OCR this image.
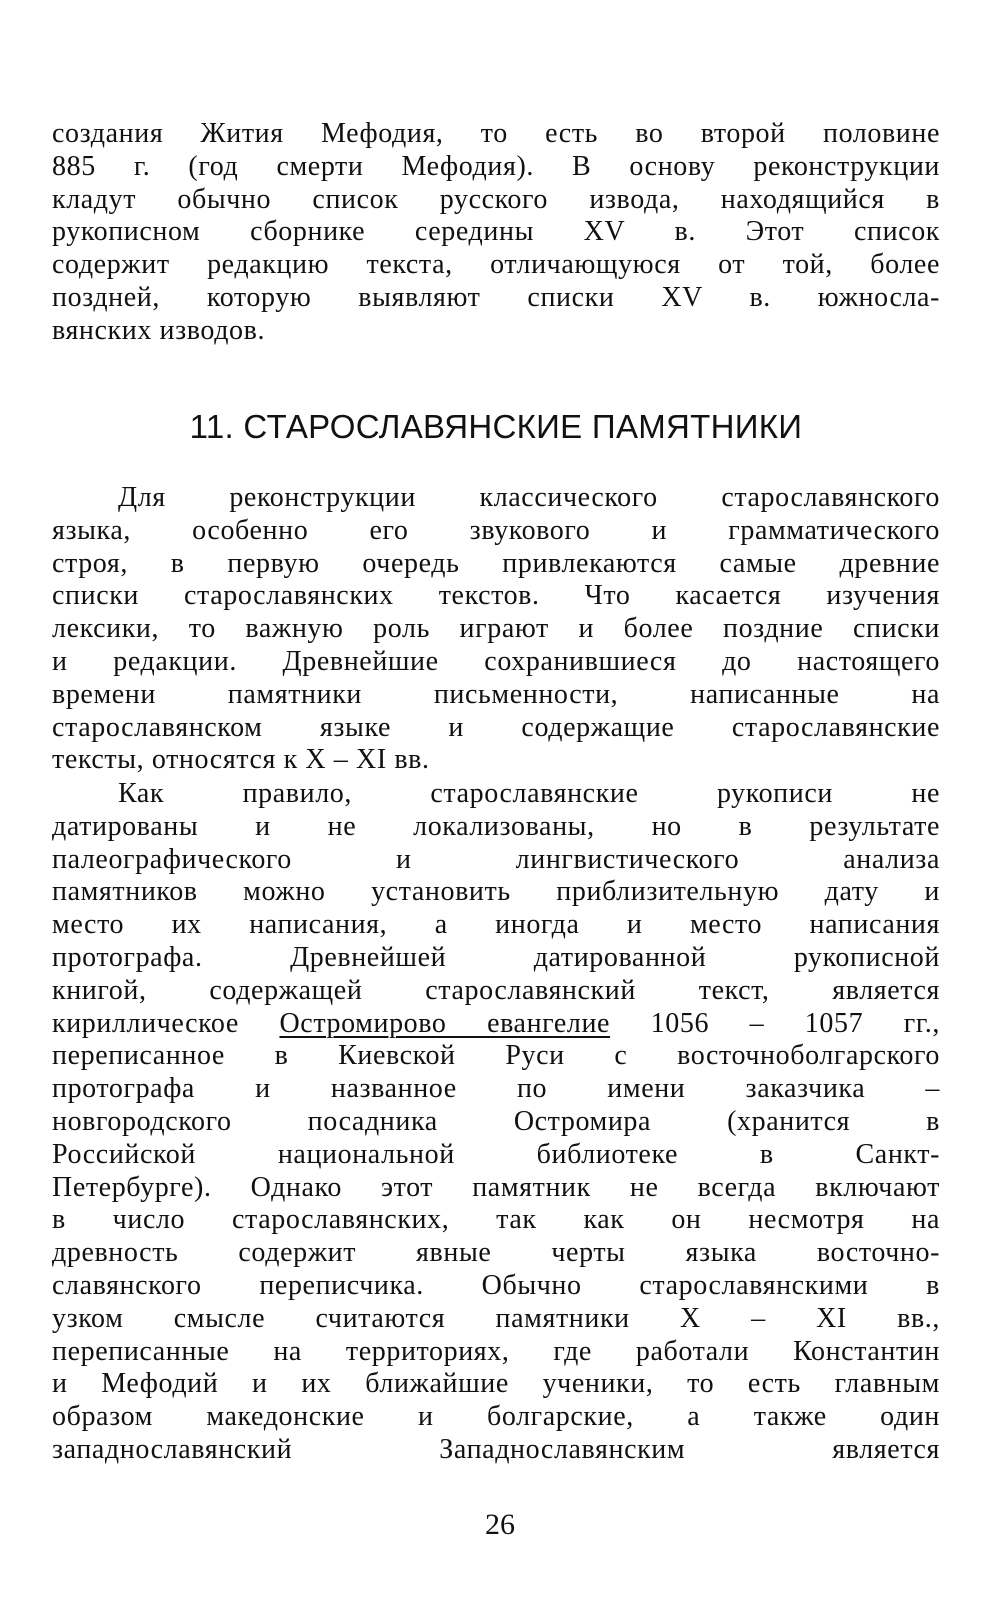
создания Жития Мефодия, то есть во второй половине
885 г. (год смерти Мефодия). В основу реконструкции
кладут обычно список русского извода, находящийся в
рукописном сборнике середины XV в. Этот список
содержит редакцию текста, отличающуюся от той, более
поздней, которую выявляют списки XV в. южносла-
вянских изводов.
11. СТАРОСЛАВЯНСКИЕ ПАМЯТНИКИ
Для реконструкции классического старославянского
языка, особенно его звукового и грамматического
строя, в первую очередь привлекаются самые древние
списки старославянских текстов. Что касается изучения
лексики, то важную роль играют и более поздние списки
и редакции. Древнейшие сохранившиеся до настоящего
времени памятники письменности, написанные на
старославянском языке и содержащие старославянские
тексты, относятся к X – XI вв.
Как правило, старославянские рукописи не
датированы и не локализованы, но в результате
палеографического и лингвистического анализа
памятников можно установить приблизительную дату и
место их написания, а иногда и место написания
протографа. Древнейшей датированной рукописной
книгой, содержащей старославянский текст, является
кириллическое Остромирово евангелие 1056 – 1057 гг.,
переписанное в Киевской Руси с восточноболгарского
протографа и названное по имени заказчика –
новгородского посадника Остромира (хранится в
Российской национальной библиотеке в Санкт-
Петербурге). Однако этот памятник не всегда включают
в число старославянских, так как он несмотря на
древность содержит явные черты языка восточно-
славянского переписчика. Обычно старославянскими в
узком смысле считаются памятники X – XI вв.,
переписанные на территориях, где работали Константин
и Мефодий и их ближайшие ученики, то есть главным
образом македонские и болгарские, а также один
западнославянский Западнославянским является
26
